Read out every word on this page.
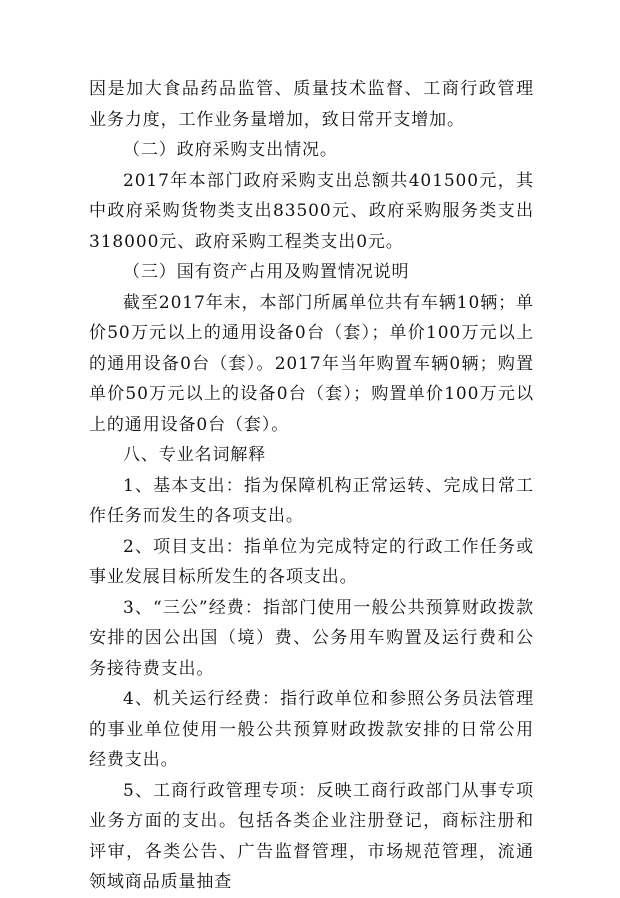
因是加大食品药品监管、质量技术监督、工商行政管理业务力度，工作业务量增加，致日常开支增加。

（二）政府采购支出情况。

2017年本部门政府采购支出总额共401500元，其中政府采购货物类支出83500元、政府采购服务类支出318000元、政府采购工程类支出0元。

（三）国有资产占用及购置情况说明

截至2017年末，本部门所属单位共有车辆10辆；单价50万元以上的通用设备0台（套）；单价100万元以上的通用设备0台（套）。2017年当年购置车辆0辆；购置单价50万元以上的设备0台（套）；购置单价100万元以上的通用设备0台（套）。

八、专业名词解释

1、基本支出：指为保障机构正常运转、完成日常工作任务而发生的各项支出。

2、项目支出：指单位为完成特定的行政工作任务或事业发展目标所发生的各项支出。

3、“三公”经费：指部门使用一般公共预算财政拨款安排的因公出国（境）费、公务用车购置及运行费和公务接待费支出。

4、机关运行经费：指行政单位和参照公务员法管理的事业单位使用一般公共预算财政拨款安排的日常公用经费支出。

5、工商行政管理专项：反映工商行政部门从事专项业务方面的支出。包括各类企业注册登记，商标注册和评审，各类公告、广告监督管理，市场规范管理，流通领域商品质量抽查
